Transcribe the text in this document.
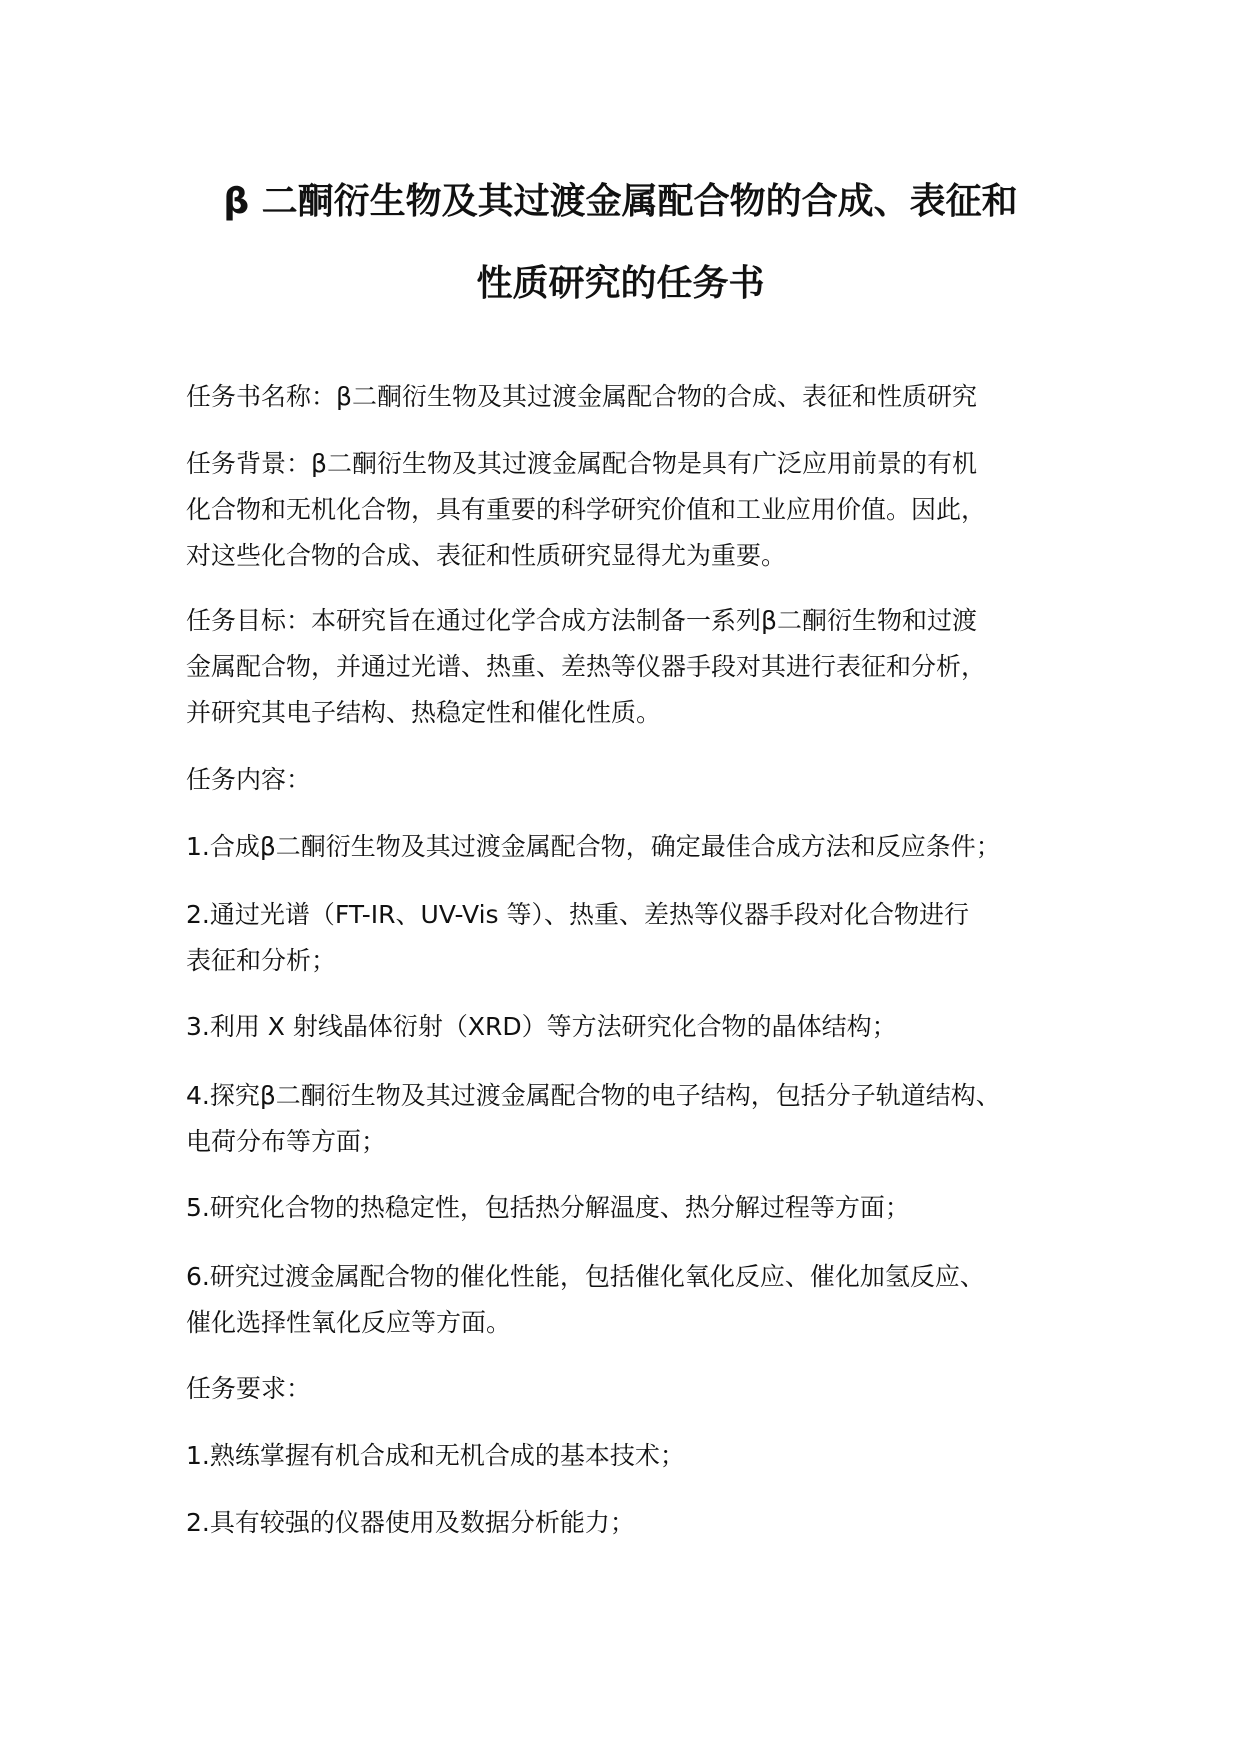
β 二酮衍生物及其过渡金属配合物的合成、表征和
性质研究的任务书

任务书名称：β二酮衍生物及其过渡金属配合物的合成、表征和性质研究

任务背景：β二酮衍生物及其过渡金属配合物是具有广泛应用前景的有机
化合物和无机化合物，具有重要的科学研究价值和工业应用价值。因此，
对这些化合物的合成、表征和性质研究显得尤为重要。

任务目标：本研究旨在通过化学合成方法制备一系列β二酮衍生物和过渡
金属配合物，并通过光谱、热重、差热等仪器手段对其进行表征和分析，
并研究其电子结构、热稳定性和催化性质。

任务内容：

1.合成β二酮衍生物及其过渡金属配合物，确定最佳合成方法和反应条件；

2.通过光谱（FT-IR、UV-Vis 等）、热重、差热等仪器手段对化合物进行
表征和分析；

3.利用 X 射线晶体衍射（XRD）等方法研究化合物的晶体结构；

4.探究β二酮衍生物及其过渡金属配合物的电子结构，包括分子轨道结构、
电荷分布等方面；

5.研究化合物的热稳定性，包括热分解温度、热分解过程等方面；

6.研究过渡金属配合物的催化性能，包括催化氧化反应、催化加氢反应、
催化选择性氧化反应等方面。

任务要求：

1.熟练掌握有机合成和无机合成的基本技术；

2.具有较强的仪器使用及数据分析能力；
